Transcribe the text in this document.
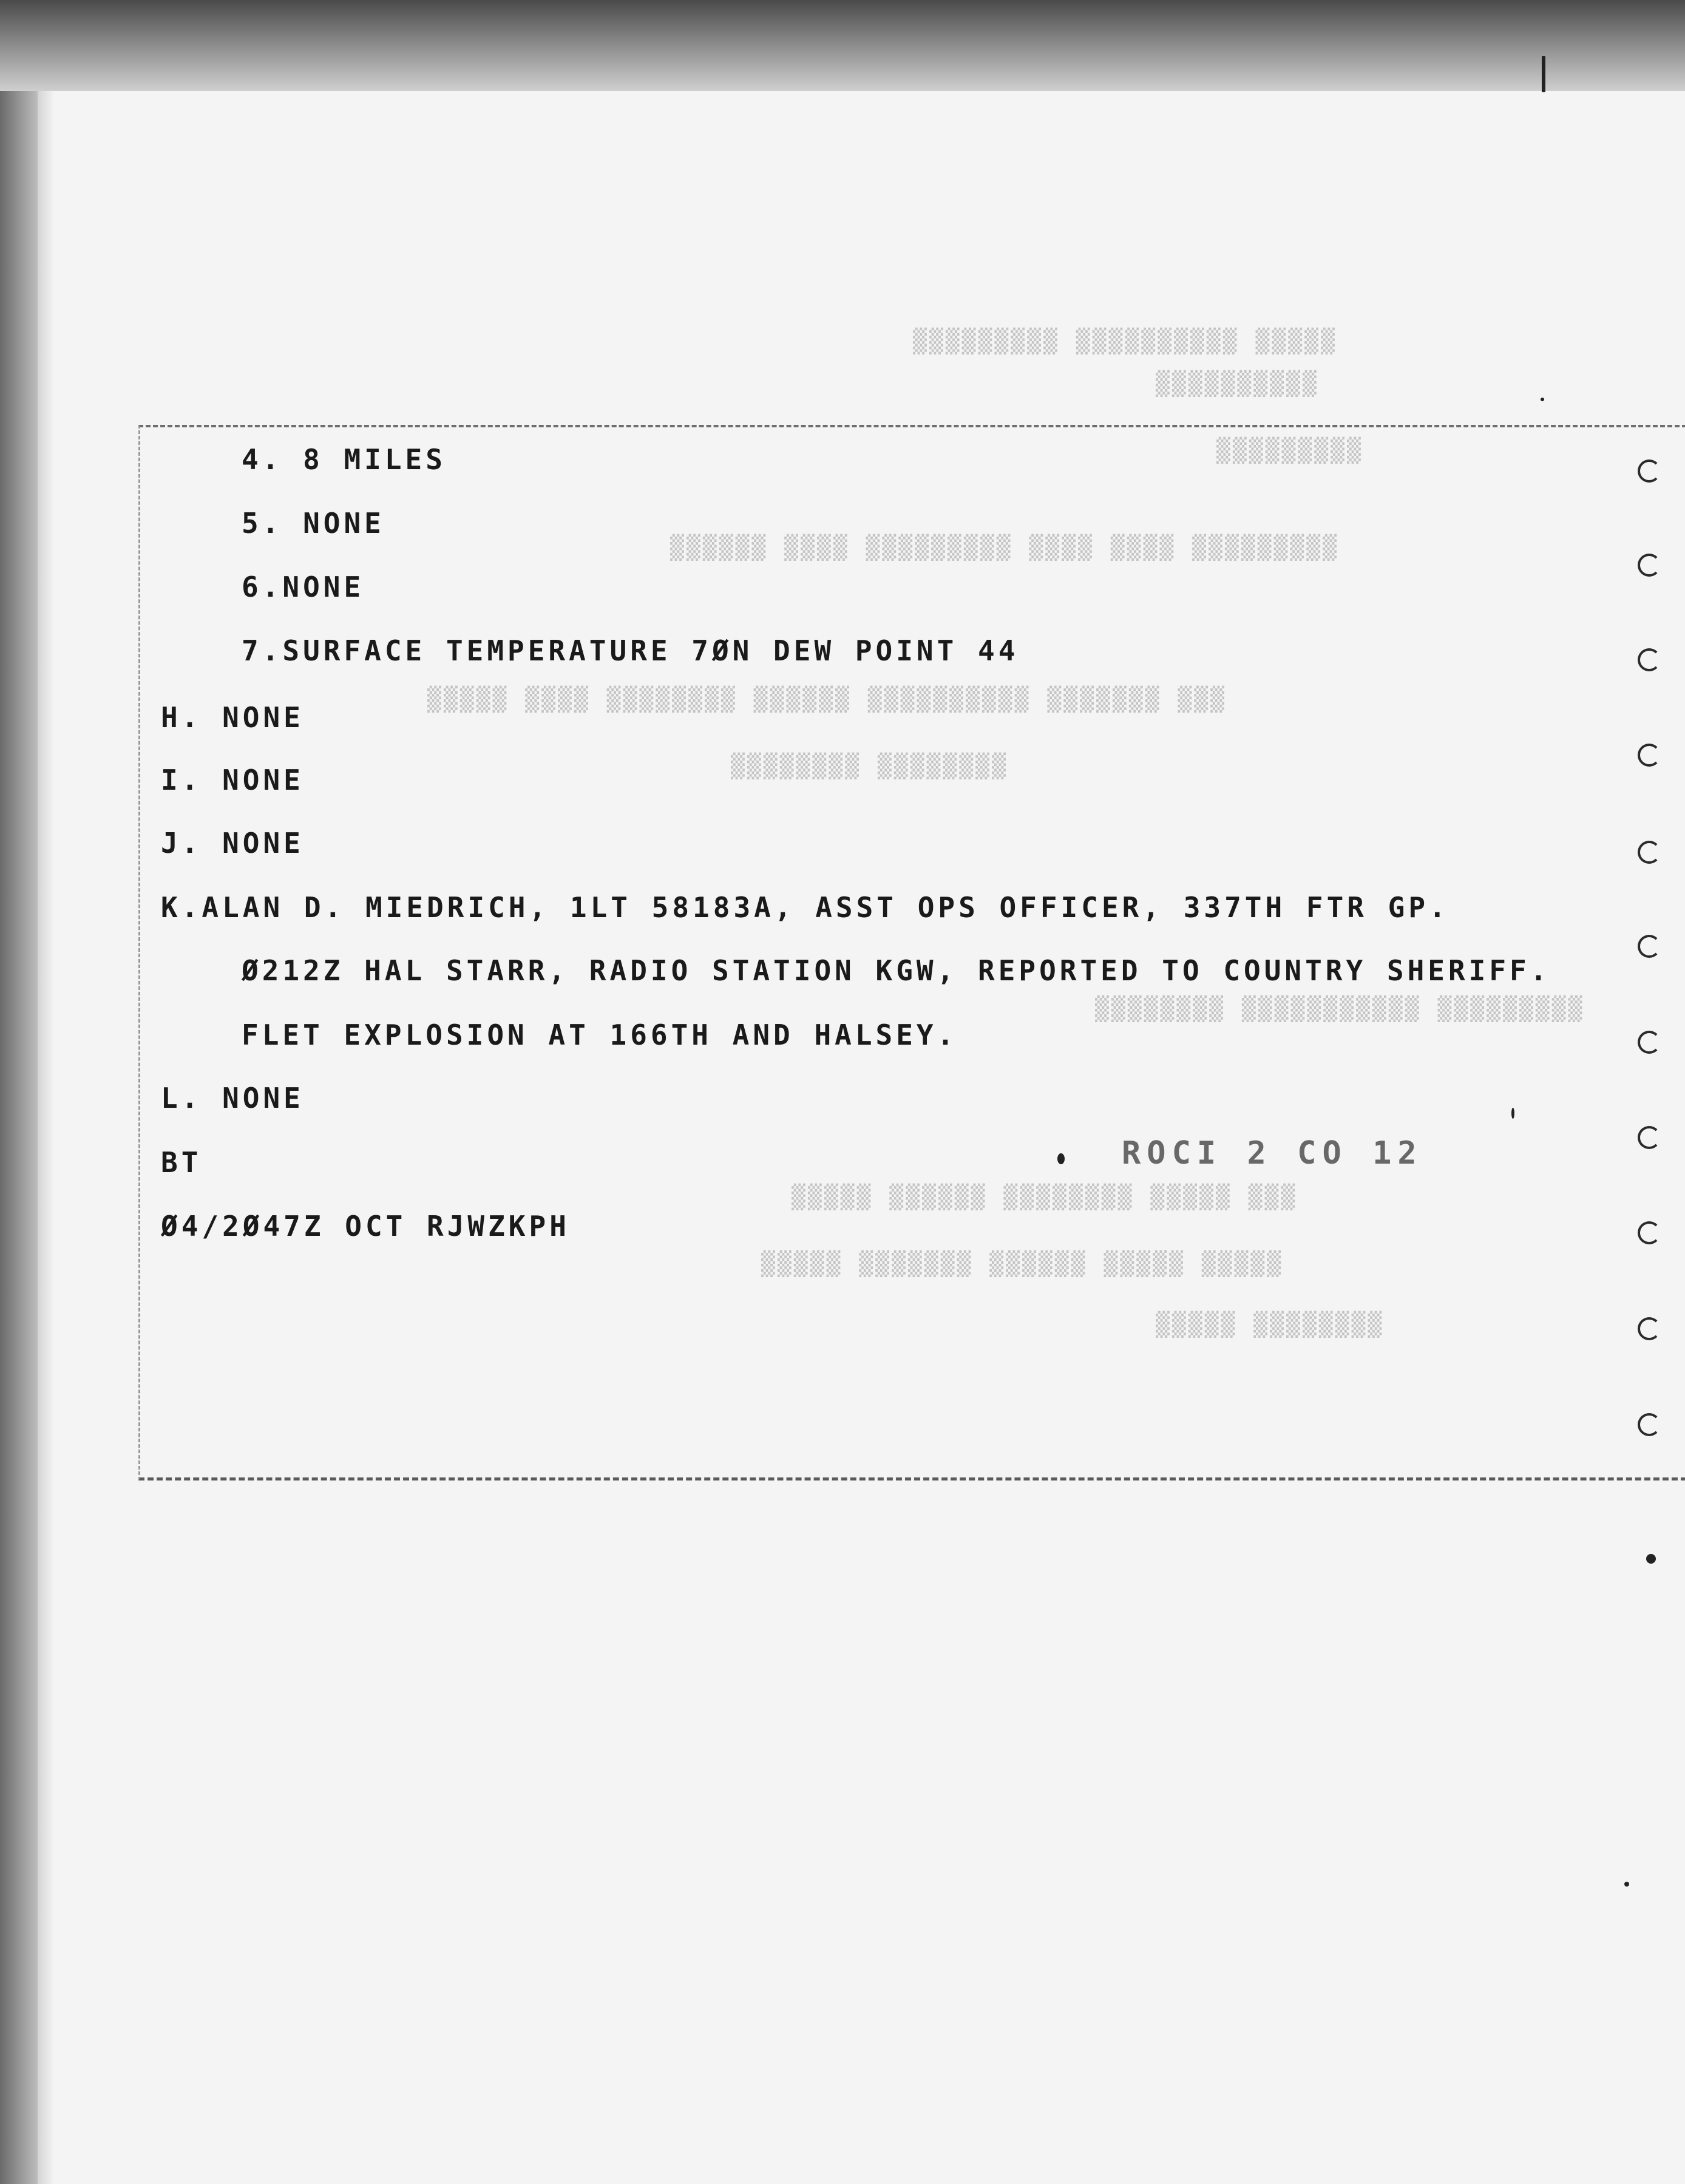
▒▒▒▒▒ ▒▒▒▒▒▒▒▒▒▒ ▒▒▒▒▒▒▒▒▒
▒▒▒▒▒▒▒▒▒▒
▒▒▒▒▒▒▒▒▒
▒▒▒▒▒▒▒▒▒ ▒▒▒▒ ▒▒▒▒ ▒▒▒▒▒▒▒▒▒ ▒▒▒▒ ▒▒▒▒▒▒
▒▒▒ ▒▒▒▒▒▒▒ ▒▒▒▒▒▒▒▒▒▒ ▒▒▒▒▒▒ ▒▒▒▒▒▒▒▒ ▒▒▒▒ ▒▒▒▒▒
▒▒▒▒▒▒▒▒ ▒▒▒▒▒▒▒▒
▒▒▒▒▒▒▒▒▒ ▒▒▒▒▒▒▒▒▒▒▒ ▒▒▒▒▒▒▒▒
▒▒▒ ▒▒▒▒▒ ▒▒▒▒▒▒▒▒ ▒▒▒▒▒▒ ▒▒▒▒▒
▒▒▒▒▒ ▒▒▒▒▒ ▒▒▒▒▒▒ ▒▒▒▒▒▒▒ ▒▒▒▒▒
▒▒▒▒▒▒▒▒ ▒▒▒▒▒
4. 8 MILES
5. NONE
6.NONE
7.SURFACE TEMPERATURE 7ØN DEW POINT 44
H. NONE
I. NONE
J. NONE
K.ALAN D. MIEDRICH, 1LT 58183A, ASST OPS OFFICER, 337TH FTR GP.
Ø212Z HAL STARR, RADIO STATION KGW, REPORTED TO COUNTRY SHERIFF.
FLET EXPLOSION AT 166TH AND HALSEY.
L. NONE
BT
Ø4/2Ø47Z OCT RJWZKPH
ROCI 2 CO 12
